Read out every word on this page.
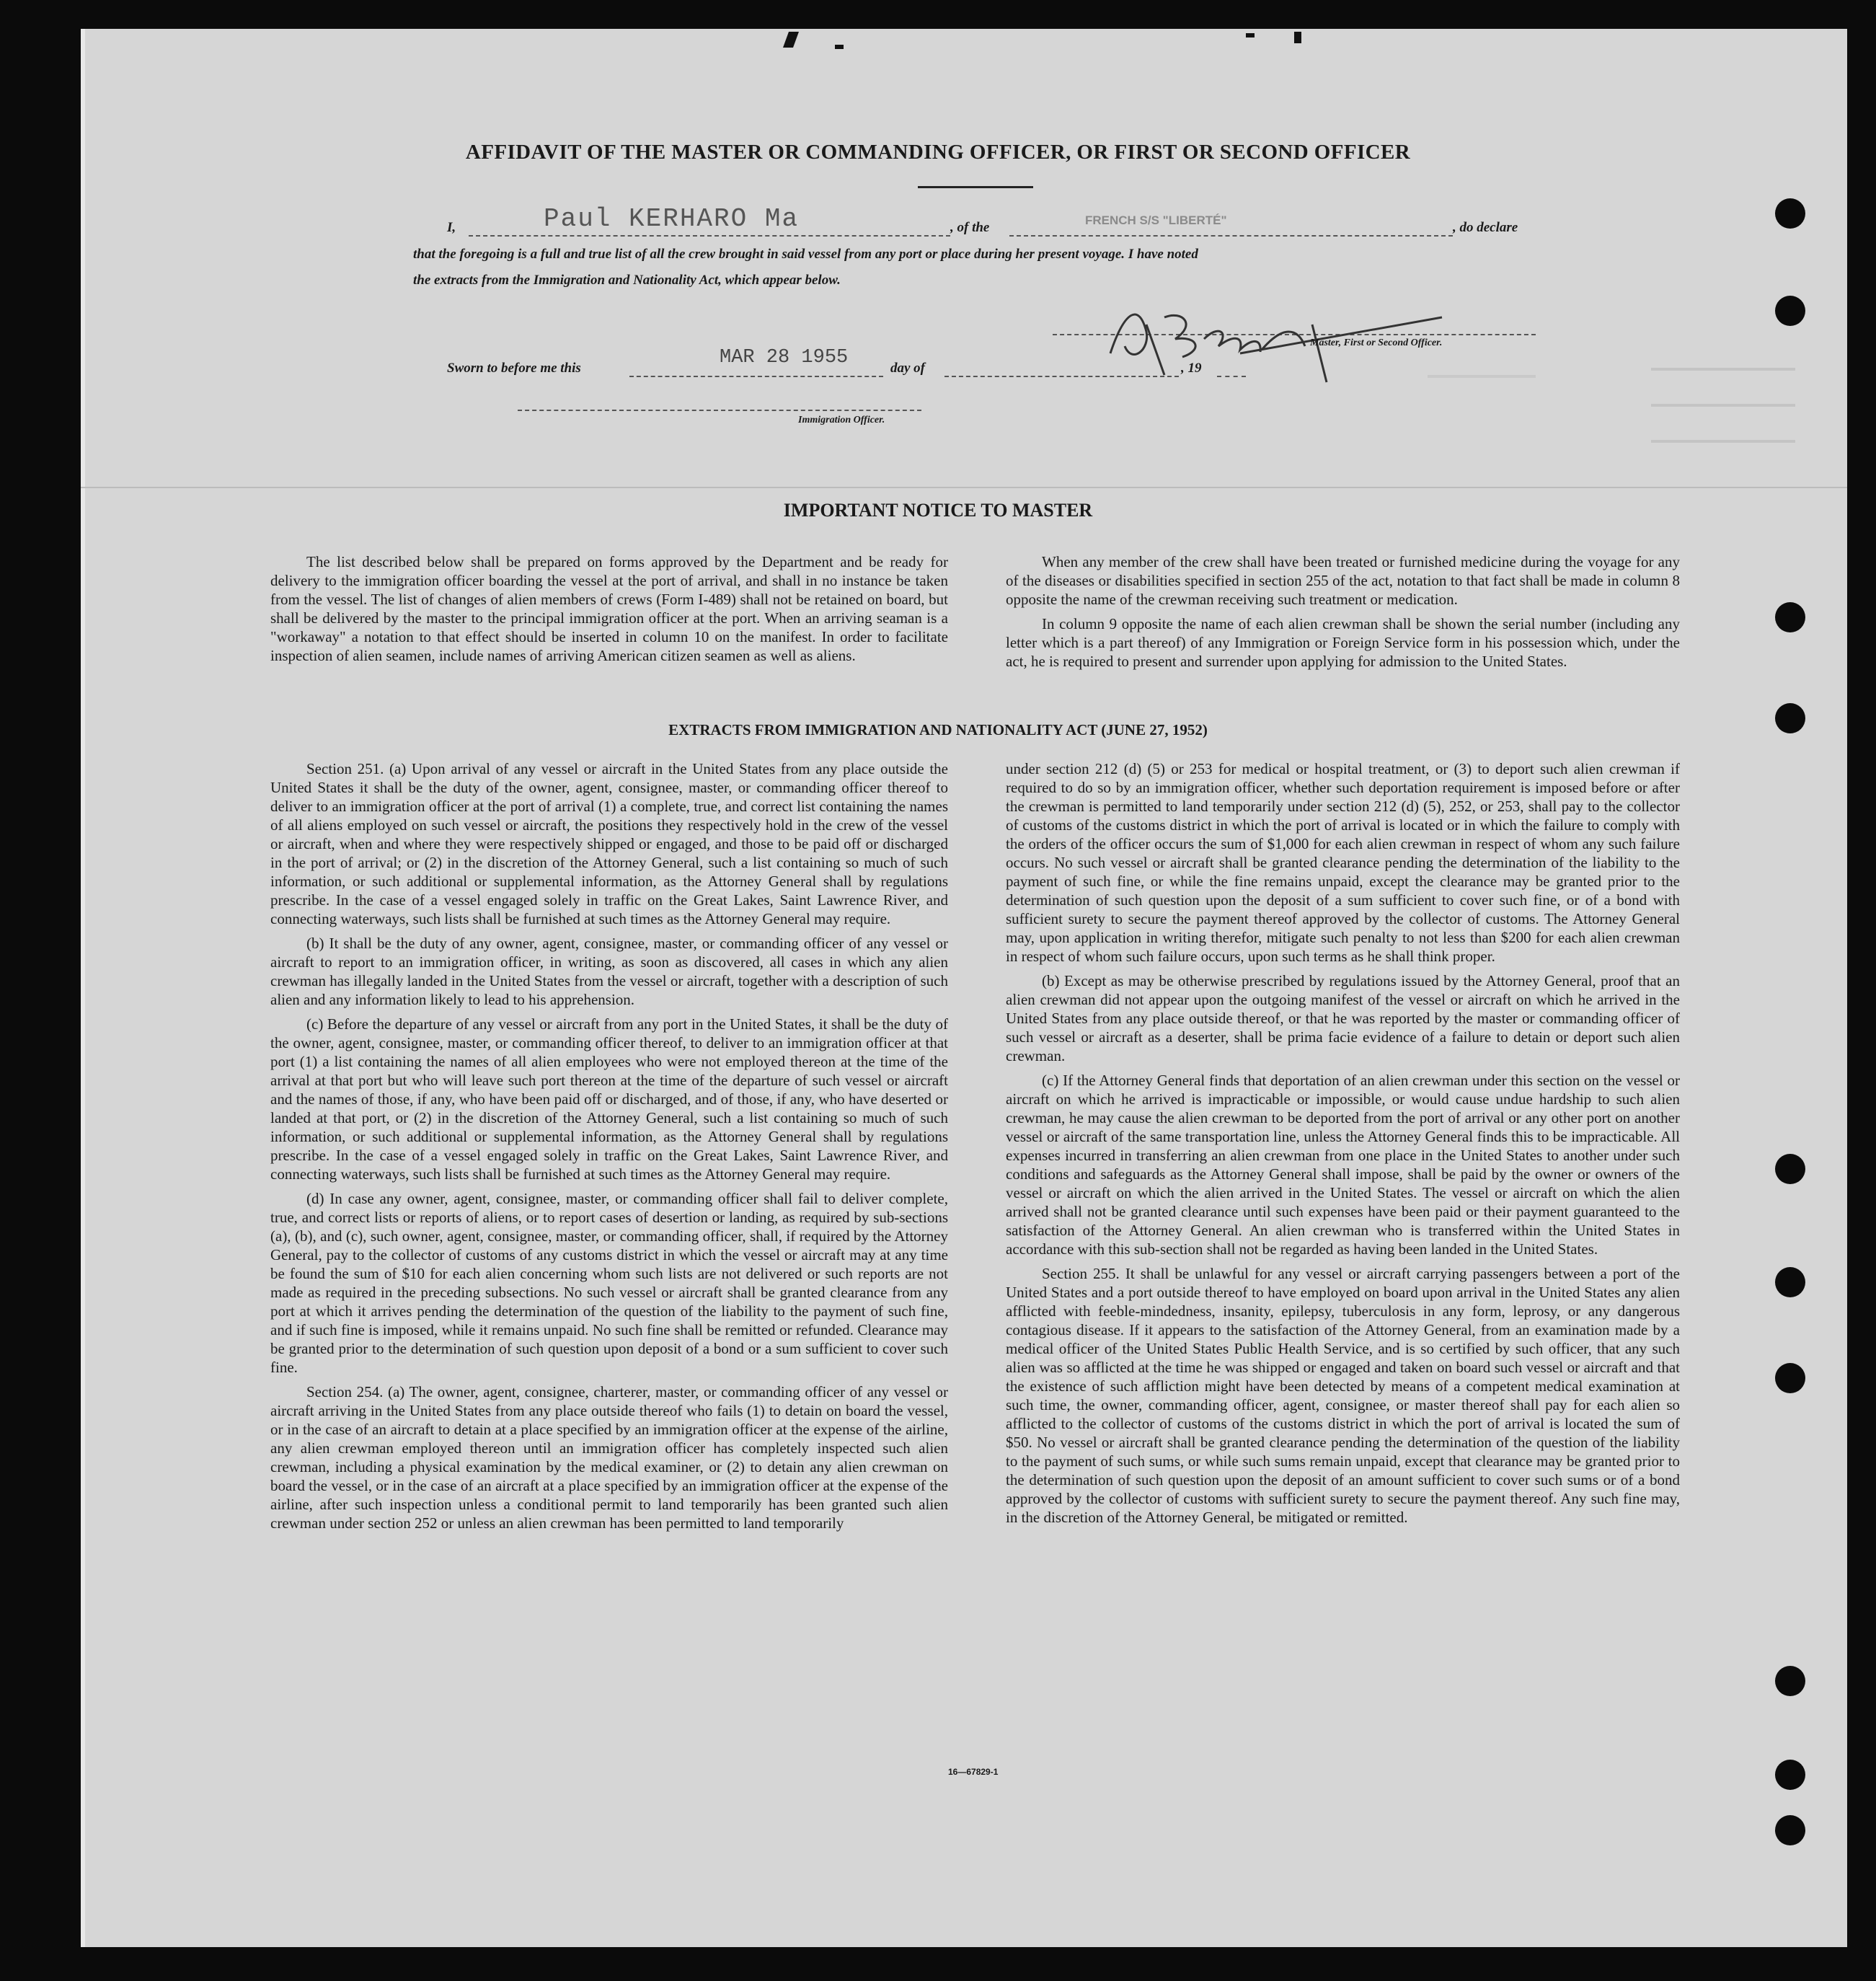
AFFIDAVIT OF THE MASTER OR COMMANDING OFFICER, OR FIRST OR SECOND OFFICER
I,	Paul KERHARO Ma	, of the	FRENCH S/S "LIBERTÉ"	, do declare
that the foregoing is a full and true list of all the crew brought in said vessel from any port or place during her present voyage. I have noted
the extracts from the Immigration and Nationality Act, which appear below.
Master, First or Second Officer.
Sworn to before me this	MAR 28 1955	day of	, 19
Immigration Officer.
IMPORTANT NOTICE TO MASTER

The list described below shall be prepared on forms approved by the Department and be ready for delivery to the immigration officer boarding the vessel at the port of arrival, and shall in no instance be taken from the vessel. The list of changes of alien members of crews (Form I-489) shall not be retained on board, but shall be delivered by the master to the principal immigration officer at the port. When an arriving seaman is a "workaway" a notation to that effect should be inserted in column 10 on the manifest. In order to facilitate inspection of alien seamen, include names of arriving American citizen seamen as well as aliens.

When any member of the crew shall have been treated or furnished medicine during the voyage for any of the diseases or disabilities specified in section 255 of the act, notation to that fact shall be made in column 8 opposite the name of the crewman receiving such treatment or medication.

In column 9 opposite the name of each alien crewman shall be shown the serial number (including any letter which is a part thereof) of any Immigration or Foreign Service form in his possession which, under the act, he is required to present and surrender upon applying for admission to the United States.

EXTRACTS FROM IMMIGRATION AND NATIONALITY ACT (JUNE 27, 1952)

Section 251. (a) Upon arrival of any vessel or aircraft in the United States from any place outside the United States it shall be the duty of the owner, agent, consignee, master, or commanding officer thereof to deliver to an immigration officer at the port of arrival (1) a complete, true, and correct list containing the names of all aliens employed on such vessel or aircraft, the positions they respectively hold in the crew of the vessel or aircraft, when and where they were respectively shipped or engaged, and those to be paid off or discharged in the port of arrival; or (2) in the discretion of the Attorney General, such a list containing so much of such information, or such additional or supplemental information, as the Attorney General shall by regulations prescribe. In the case of a vessel engaged solely in traffic on the Great Lakes, Saint Lawrence River, and connecting waterways, such lists shall be furnished at such times as the Attorney General may require.

(b) It shall be the duty of any owner, agent, consignee, master, or commanding officer of any vessel or aircraft to report to an immigration officer, in writing, as soon as discovered, all cases in which any alien crewman has illegally landed in the United States from the vessel or aircraft, together with a description of such alien and any information likely to lead to his apprehension.

(c) Before the departure of any vessel or aircraft from any port in the United States, it shall be the duty of the owner, agent, consignee, master, or commanding officer thereof, to deliver to an immigration officer at that port (1) a list containing the names of all alien employees who were not employed thereon at the time of the arrival at that port but who will leave such port thereon at the time of the departure of such vessel or aircraft and the names of those, if any, who have been paid off or discharged, and of those, if any, who have deserted or landed at that port, or (2) in the discretion of the Attorney General, such a list containing so much of such information, or such additional or supplemental information, as the Attorney General shall by regulations prescribe. In the case of a vessel engaged solely in traffic on the Great Lakes, Saint Lawrence River, and connecting waterways, such lists shall be furnished at such times as the Attorney General may require.

(d) In case any owner, agent, consignee, master, or commanding officer shall fail to deliver complete, true, and correct lists or reports of aliens, or to report cases of desertion or landing, as required by sub-sections (a), (b), and (c), such owner, agent, consignee, master, or commanding officer, shall, if required by the Attorney General, pay to the collector of customs of any customs district in which the vessel or aircraft may at any time be found the sum of $10 for each alien concerning whom such lists are not delivered or such reports are not made as required in the preceding subsections. No such vessel or aircraft shall be granted clearance from any port at which it arrives pending the determination of the question of the liability to the payment of such fine, and if such fine is imposed, while it remains unpaid. No such fine shall be remitted or refunded. Clearance may be granted prior to the determination of such question upon deposit of a bond or a sum sufficient to cover such fine.

Section 254. (a) The owner, agent, consignee, charterer, master, or commanding officer of any vessel or aircraft arriving in the United States from any place outside thereof who fails (1) to detain on board the vessel, or in the case of an aircraft to detain at a place specified by an immigration officer at the expense of the airline, any alien crewman employed thereon until an immigration officer has completely inspected such alien crewman, including a physical examination by the medical examiner, or (2) to detain any alien crewman on board the vessel, or in the case of an aircraft at a place specified by an immigration officer at the expense of the airline, after such inspection unless a conditional permit to land temporarily has been granted such alien crewman under section 252 or unless an alien crewman has been permitted to land temporarily

under section 212 (d) (5) or 253 for medical or hospital treatment, or (3) to deport such alien crewman if required to do so by an immigration officer, whether such deportation requirement is imposed before or after the crewman is permitted to land temporarily under section 212 (d) (5), 252, or 253, shall pay to the collector of customs of the customs district in which the port of arrival is located or in which the failure to comply with the orders of the officer occurs the sum of $1,000 for each alien crewman in respect of whom any such failure occurs. No such vessel or aircraft shall be granted clearance pending the determination of the liability to the payment of such fine, or while the fine remains unpaid, except the clearance may be granted prior to the determination of such question upon the deposit of a sum sufficient to cover such fine, or of a bond with sufficient surety to secure the payment thereof approved by the collector of customs. The Attorney General may, upon application in writing therefor, mitigate such penalty to not less than $200 for each alien crewman in respect of whom such failure occurs, upon such terms as he shall think proper.

(b) Except as may be otherwise prescribed by regulations issued by the Attorney General, proof that an alien crewman did not appear upon the outgoing manifest of the vessel or aircraft on which he arrived in the United States from any place outside thereof, or that he was reported by the master or commanding officer of such vessel or aircraft as a deserter, shall be prima facie evidence of a failure to detain or deport such alien crewman.

(c) If the Attorney General finds that deportation of an alien crewman under this section on the vessel or aircraft on which he arrived is impracticable or impossible, or would cause undue hardship to such alien crewman, he may cause the alien crewman to be deported from the port of arrival or any other port on another vessel or aircraft of the same transportation line, unless the Attorney General finds this to be impracticable. All expenses incurred in transferring an alien crewman from one place in the United States to another under such conditions and safeguards as the Attorney General shall impose, shall be paid by the owner or owners of the vessel or aircraft on which the alien arrived in the United States. The vessel or aircraft on which the alien arrived shall not be granted clearance until such expenses have been paid or their payment guaranteed to the satisfaction of the Attorney General. An alien crewman who is transferred within the United States in accordance with this sub-section shall not be regarded as having been landed in the United States.

Section 255. It shall be unlawful for any vessel or aircraft carrying passengers between a port of the United States and a port outside thereof to have employed on board upon arrival in the United States any alien afflicted with feeble-mindedness, insanity, epilepsy, tuberculosis in any form, leprosy, or any dangerous contagious disease. If it appears to the satisfaction of the Attorney General, from an examination made by a medical officer of the United States Public Health Service, and is so certified by such officer, that any such alien was so afflicted at the time he was shipped or engaged and taken on board such vessel or aircraft and that the existence of such affliction might have been detected by means of a competent medical examination at such time, the owner, commanding officer, agent, consignee, or master thereof shall pay for each alien so afflicted to the collector of customs of the customs district in which the port of arrival is located the sum of $50. No vessel or aircraft shall be granted clearance pending the determination of the question of the liability to the payment of such sums, or while such sums remain unpaid, except that clearance may be granted prior to the determination of such question upon the deposit of an amount sufficient to cover such sums or of a bond approved by the collector of customs with sufficient surety to secure the payment thereof. Any such fine may, in the discretion of the Attorney General, be mitigated or remitted.

16—67829-1
